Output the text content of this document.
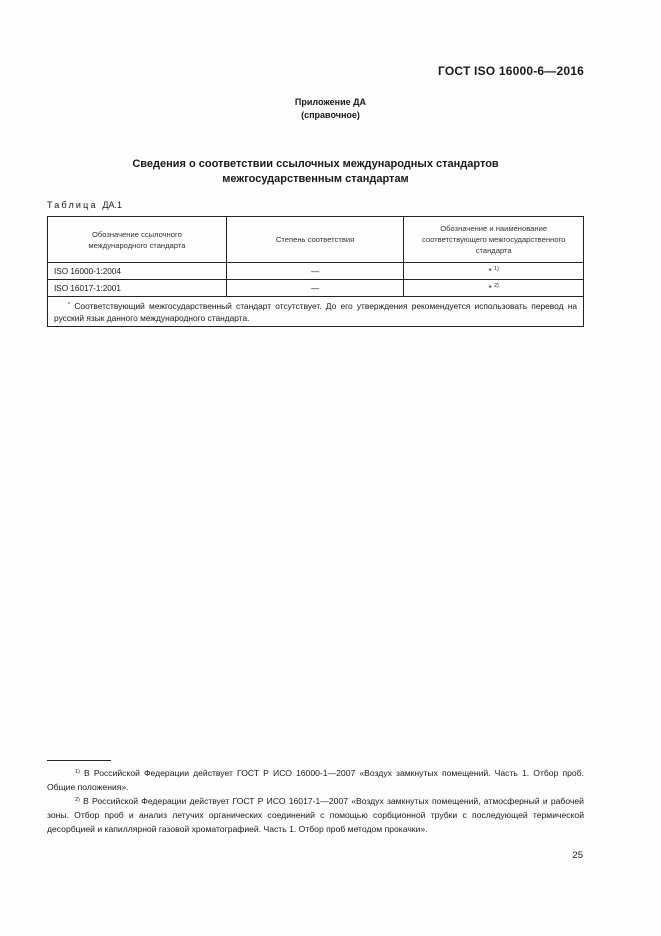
ГОСТ ISO 16000-6—2016
Приложение ДА
(справочное)
Сведения о соответствии ссылочных международных стандартов
межгосударственным стандартам
Таблица ДА.1
Обозначение ссылочного международного стандарта	Степень соответствия	Обозначение и наименование соответствующего межгосударственного стандарта

ISO 16000-1:2004	—	* $^{1)}$
ISO 16017-1:2001	—	* $^{2)}$
* Соответствующий межгосударственный стандарт отсутствует. До его утверждения рекомендуется использовать перевод на русский язык данного международного стандарта.		

$^{1)}$ В Российской Федерации действует ГОСТ Р ИСО 16000-1—2007 «Воздух замкнутых помещений. Часть 1. Отбор проб. Общие положения».

$^{2)}$ В Российской Федерации действует ГОСТ Р ИСО 16017-1—2007 «Воздух замкнутых помещений, атмосферный и рабочей зоны. Отбор проб и анализ летучих органических соединений с помощью сорбционной трубки с последующей термической десорбцией и капиллярной газовой хроматографией. Часть 1. Отбор проб методом прокачки».

25
